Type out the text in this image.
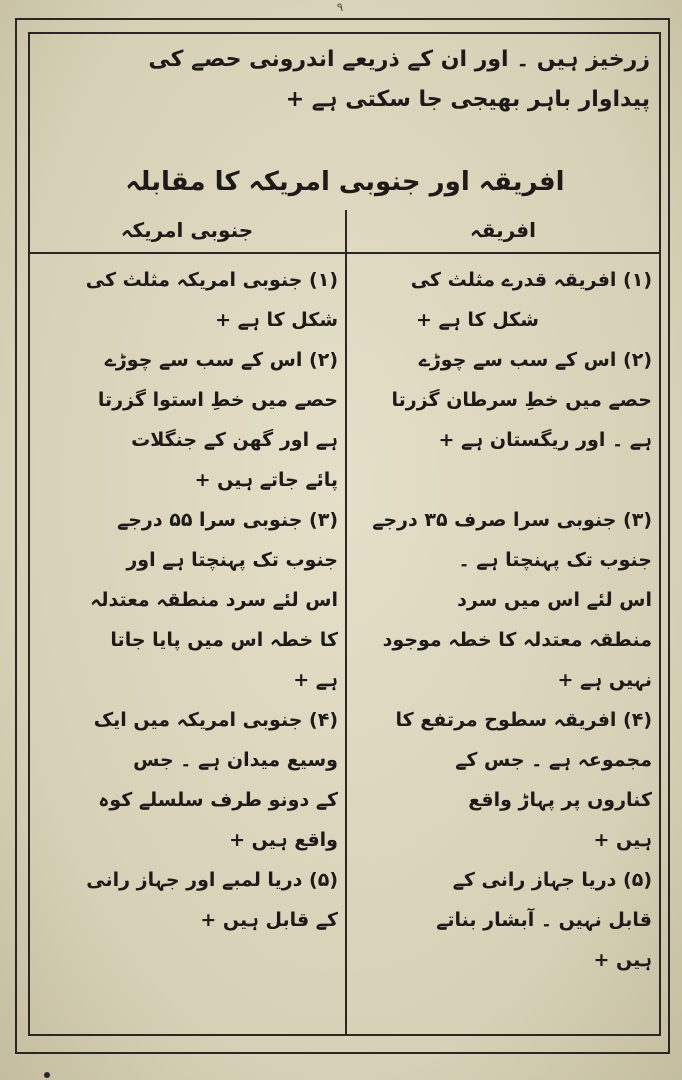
۹
زرخیز ہیں ۔ اور ان کے ذریعے اندرونی حصے کی
پیداوار باہر بھیجی جا سکتی ہے +
افریقہ اور جنوبی امریکہ کا مقابلہ
افریقہ
جنوبی امریکہ
(۱) افریقہ قدرے مثلث کی
شکل کا ہے +
(۲) اس کے سب سے چوڑے
حصے میں خطِ سرطان گزرتا
ہے ۔ اور ریگستان ہے +
(۳) جنوبی سرا صرف ۳۵ درجے
جنوب تک پہنچتا ہے ۔
اس لئے اس میں سرد
منطقہ معتدلہ کا خطہ موجود
نہیں ہے +
(۴) افریقہ سطوح مرتفع کا
مجموعہ ہے ۔ جس کے
کناروں پر پہاڑ واقع
ہیں +
(۵) دریا جہاز رانی کے
قابل نہیں ۔ آبشار بناتے
ہیں +
(۱) جنوبی امریکہ مثلث کی
شکل کا ہے +
(۲) اس کے سب سے چوڑے
حصے میں خطِ استوا گزرتا
ہے اور گھن کے جنگلات
پائے جاتے ہیں +
(۳) جنوبی سرا ۵۵ درجے
جنوب تک پہنچتا ہے اور
اس لئے سرد منطقہ معتدلہ
کا خطہ اس میں پایا جاتا
ہے +
(۴) جنوبی امریکہ میں ایک
وسیع میدان ہے ۔ جس
کے دونو طرف سلسلے کوہ
واقع ہیں +
(۵) دریا لمبے اور جہاز رانی
کے قابل ہیں +
